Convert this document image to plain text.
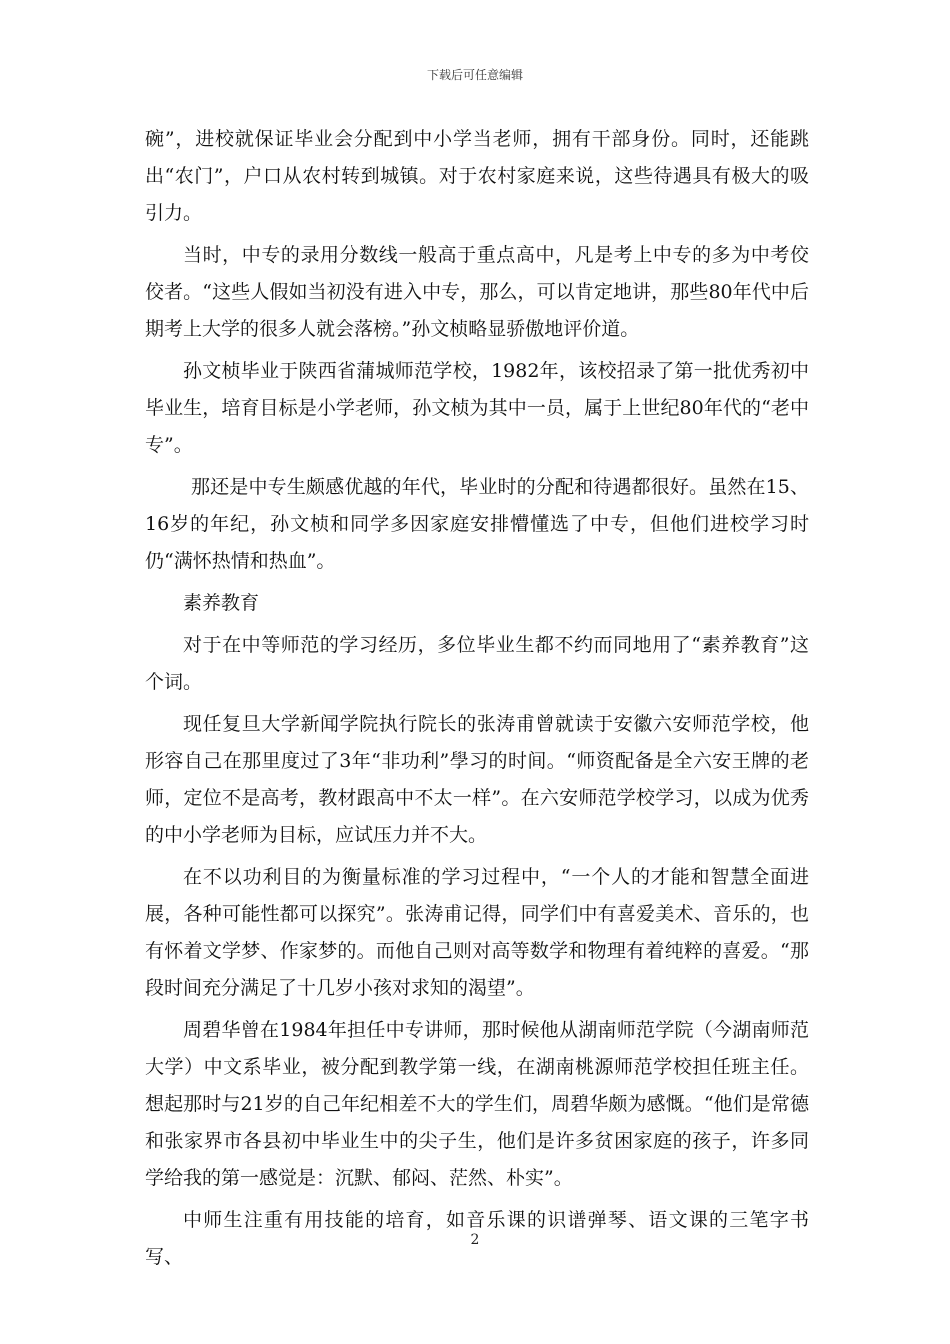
下载后可任意编辑

碗”，进校就保证毕业会分配到中小学当老师，拥有干部身份。同时，还能跳出“农门”，户口从农村转到城镇。对于农村家庭来说，这些待遇具有极大的吸引力。

当时，中专的录用分数线一般高于重点高中，凡是考上中专的多为中考佼佼者。“这些人假如当初没有进入中专，那么，可以肯定地讲，那些80年代中后期考上大学的很多人就会落榜。”孙文桢略显骄傲地评价道。

孙文桢毕业于陕西省蒲城师范学校，1982年，该校招录了第一批优秀初中毕业生，培育目标是小学老师，孙文桢为其中一员，属于上世纪80年代的“老中专”。

那还是中专生颇感优越的年代，毕业时的分配和待遇都很好。虽然在15、16岁的年纪，孙文桢和同学多因家庭安排懵懂选了中专，但他们进校学习时仍“满怀热情和热血”。

素养教育

对于在中等师范的学习经历，多位毕业生都不约而同地用了“素养教育”这个词。

现任复旦大学新闻学院执行院长的张涛甫曾就读于安徽六安师范学校，他形容自己在那里度过了3年“非功利”學习的时间。“师资配备是全六安王牌的老师，定位不是高考，教材跟高中不太一样”。在六安师范学校学习，以成为优秀的中小学老师为目标，应试压力并不大。

在不以功利目的为衡量标准的学习过程中，“一个人的才能和智慧全面进展，各种可能性都可以探究”。张涛甫记得，同学们中有喜爱美术、音乐的，也有怀着文学梦、作家梦的。而他自己则对高等数学和物理有着纯粹的喜爱。“那段时间充分满足了十几岁小孩对求知的渴望”。

周碧华曾在1984年担任中专讲师，那时候他从湖南师范学院（今湖南师范大学）中文系毕业，被分配到教学第一线，在湖南桃源师范学校担任班主任。想起那时与21岁的自己年纪相差不大的学生们，周碧华颇为感慨。“他们是常德和张家界市各县初中毕业生中的尖子生，他们是许多贫困家庭的孩子，许多同学给我的第一感觉是：沉默、郁闷、茫然、朴实”。

中师生注重有用技能的培育，如音乐课的识谱弹琴、语文课的三笔字书写、

2
